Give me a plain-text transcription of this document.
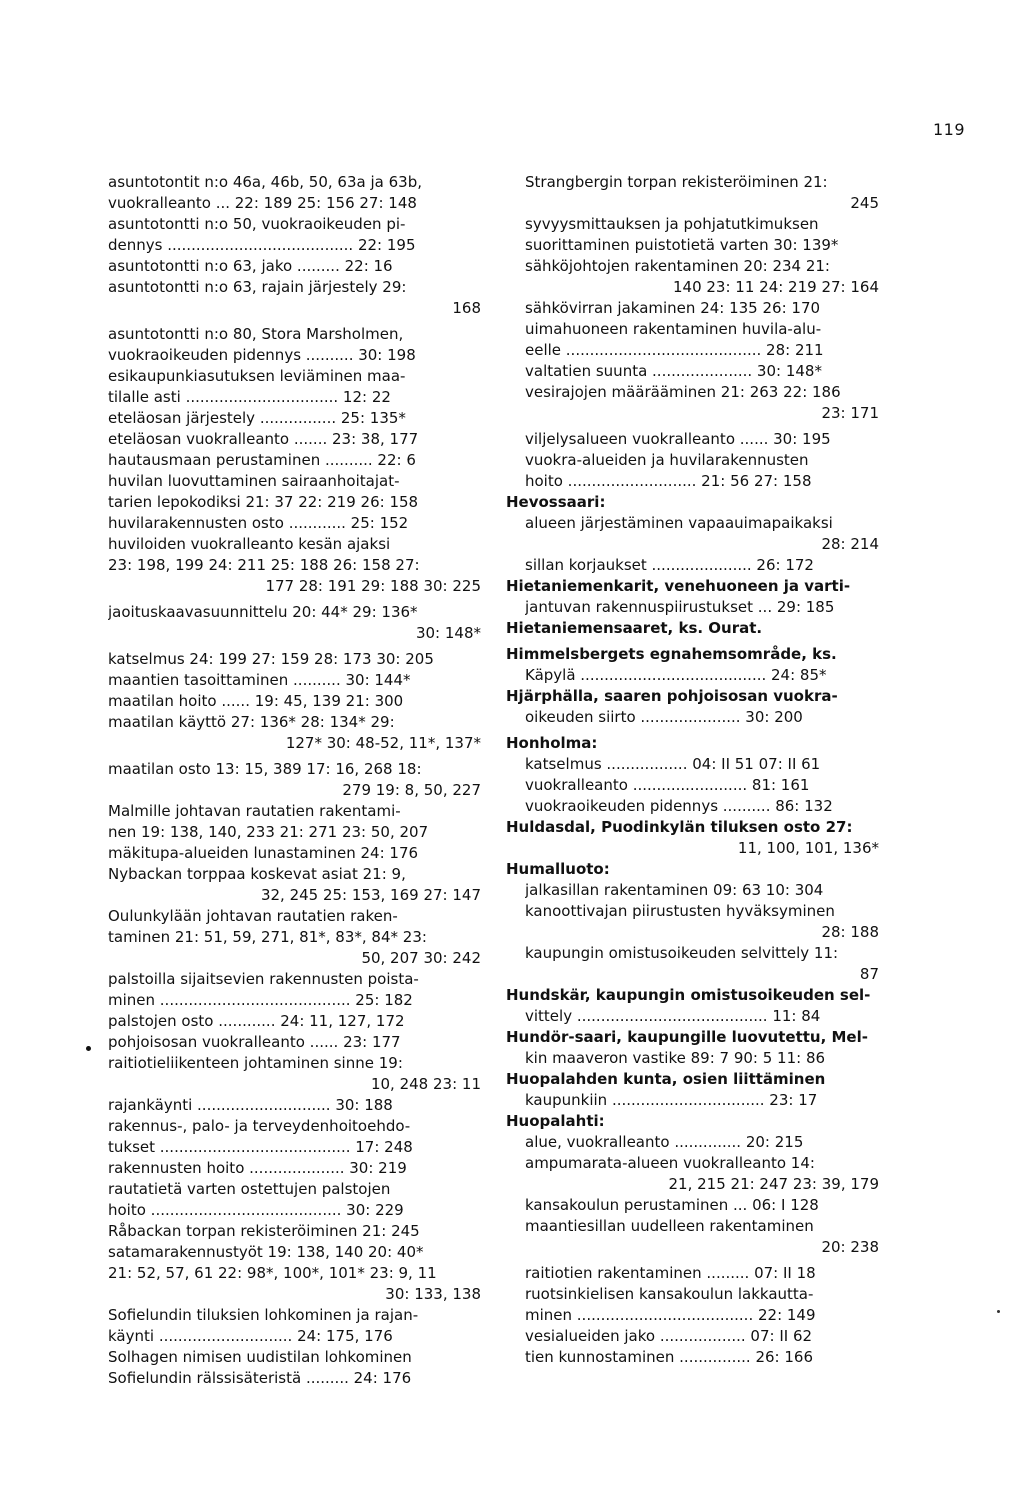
119
asuntotontit n:o 46a, 46b, 50, 63a ja 63b,
vuokralleanto ... 22: 189 25: 156 27: 148
asuntotontti n:o 50, vuokraoikeuden pi-
dennys ....................................... 22: 195
asuntotontti n:o 63, jako ......... 22: 16
asuntotontti n:o 63, rajain järjestely 29:
168
asuntotontti n:o 80, Stora Marsholmen,
vuokraoikeuden pidennys .......... 30: 198
esikaupunkiasutuksen leviäminen maa-
tilalle asti ................................ 12: 22
eteläosan järjestely ................ 25: 135*
eteläosan vuokralleanto ....... 23: 38, 177
hautausmaan perustaminen .......... 22: 6
huvilan luovuttaminen sairaanhoitajat-
tarien lepokodiksi 21: 37 22: 219 26: 158
huvilarakennusten osto ............ 25: 152
huviloiden vuokralleanto kesän ajaksi
23: 198, 199 24: 211 25: 188 26: 158 27:
177 28: 191 29: 188 30: 225
jaoituskaavasuunnittelu 20: 44* 29: 136*
30: 148*
katselmus 24: 199 27: 159 28: 173 30: 205
maantien tasoittaminen .......... 30: 144*
maatilan hoito ...... 19: 45, 139 21: 300
maatilan käyttö 27: 136* 28: 134* 29:
127* 30: 48-52, 11*, 137*
maatilan osto 13: 15, 389 17: 16, 268 18:
279 19: 8, 50, 227
Malmille johtavan rautatien rakentami-
nen 19: 138, 140, 233 21: 271 23: 50, 207
mäkitupa-alueiden lunastaminen 24: 176
Nybackan torppaa koskevat asiat 21: 9,
32, 245 25: 153, 169 27: 147
Oulunkylään johtavan rautatien raken-
taminen 21: 51, 59, 271, 81*, 83*, 84* 23:
50, 207 30: 242
palstoilla sijaitsevien rakennusten poista-
minen ........................................ 25: 182
palstojen osto ............ 24: 11, 127, 172
pohjoisosan vuokralleanto ...... 23: 177
raitiotieliikenteen johtaminen sinne 19:
10, 248 23: 11
rajankäynti ............................ 30: 188
rakennus-, palo- ja terveydenhoitoehdo-
tukset ........................................ 17: 248
rakennusten hoito .................... 30: 219
rautatietä varten ostettujen palstojen
hoito ........................................ 30: 229
Råbackan torpan rekisteröiminen 21: 245
satamarakennustyöt 19: 138, 140 20: 40*
21: 52, 57, 61 22: 98*, 100*, 101* 23: 9, 11
30: 133, 138
Sofielundin tiluksien lohkominen ja rajan-
käynti ............................ 24: 175, 176
Solhagen nimisen uudistilan lohkominen
Sofielundin rälssisäteristä ......... 24: 176
Strangbergin torpan rekisteröiminen 21:
245
syvyysmittauksen ja pohjatutkimuksen
suorittaminen puistotietä varten 30: 139*
sähköjohtojen rakentaminen 20: 234 21:
140 23: 11 24: 219 27: 164
sähkövirran jakaminen 24: 135 26: 170
uimahuoneen rakentaminen huvila-alu-
eelle ......................................... 28: 211
valtatien suunta ..................... 30: 148*
vesirajojen määrääminen 21: 263 22: 186
23: 171
viljelysalueen vuokralleanto ...... 30: 195
vuokra-alueiden ja huvilarakennusten
hoito ........................... 21: 56 27: 158
Hevossaari:
alueen järjestäminen vapaauimapaikaksi
28: 214
sillan korjaukset ..................... 26: 172
Hietaniemenkarit, venehuoneen ja varti-
jantuvan rakennuspiirustukset ... 29: 185
Hietaniemensaaret, ks. Ourat.
Himmelsbergets egnahemsområde, ks.
Käpylä ....................................... 24: 85*
Hjärphälla, saaren pohjoisosan vuokra-
oikeuden siirto ..................... 30: 200
Honholma:
katselmus ................. 04: II 51 07: II 61
vuokralleanto ........................ 81: 161
vuokraoikeuden pidennys .......... 86: 132
Huldasdal, Puodinkylän tiluksen osto 27:
11, 100, 101, 136*
Humalluoto:
jalkasillan rakentaminen 09: 63 10: 304
kanoottivajan piirustusten hyväksyminen
28: 188
kaupungin omistusoikeuden selvittely 11:
87
Hundskär, kaupungin omistusoikeuden sel-
vittely ........................................ 11: 84
Hundör-saari, kaupungille luovutettu, Mel-
kin maaveron vastike 89: 7 90: 5 11: 86
Huopalahden kunta, osien liittäminen
kaupunkiin ................................ 23: 17
Huopalahti:
alue, vuokralleanto .............. 20: 215
ampumarata-alueen vuokralleanto 14:
21, 215 21: 247 23: 39, 179
kansakoulun perustaminen ... 06: I 128
maantiesillan uudelleen rakentaminen
20: 238
raitiotien rakentaminen ......... 07: II 18
ruotsinkielisen kansakoulun lakkautta-
minen ..................................... 22: 149
vesialueiden jako .................. 07: II 62
tien kunnostaminen ............... 26: 166
